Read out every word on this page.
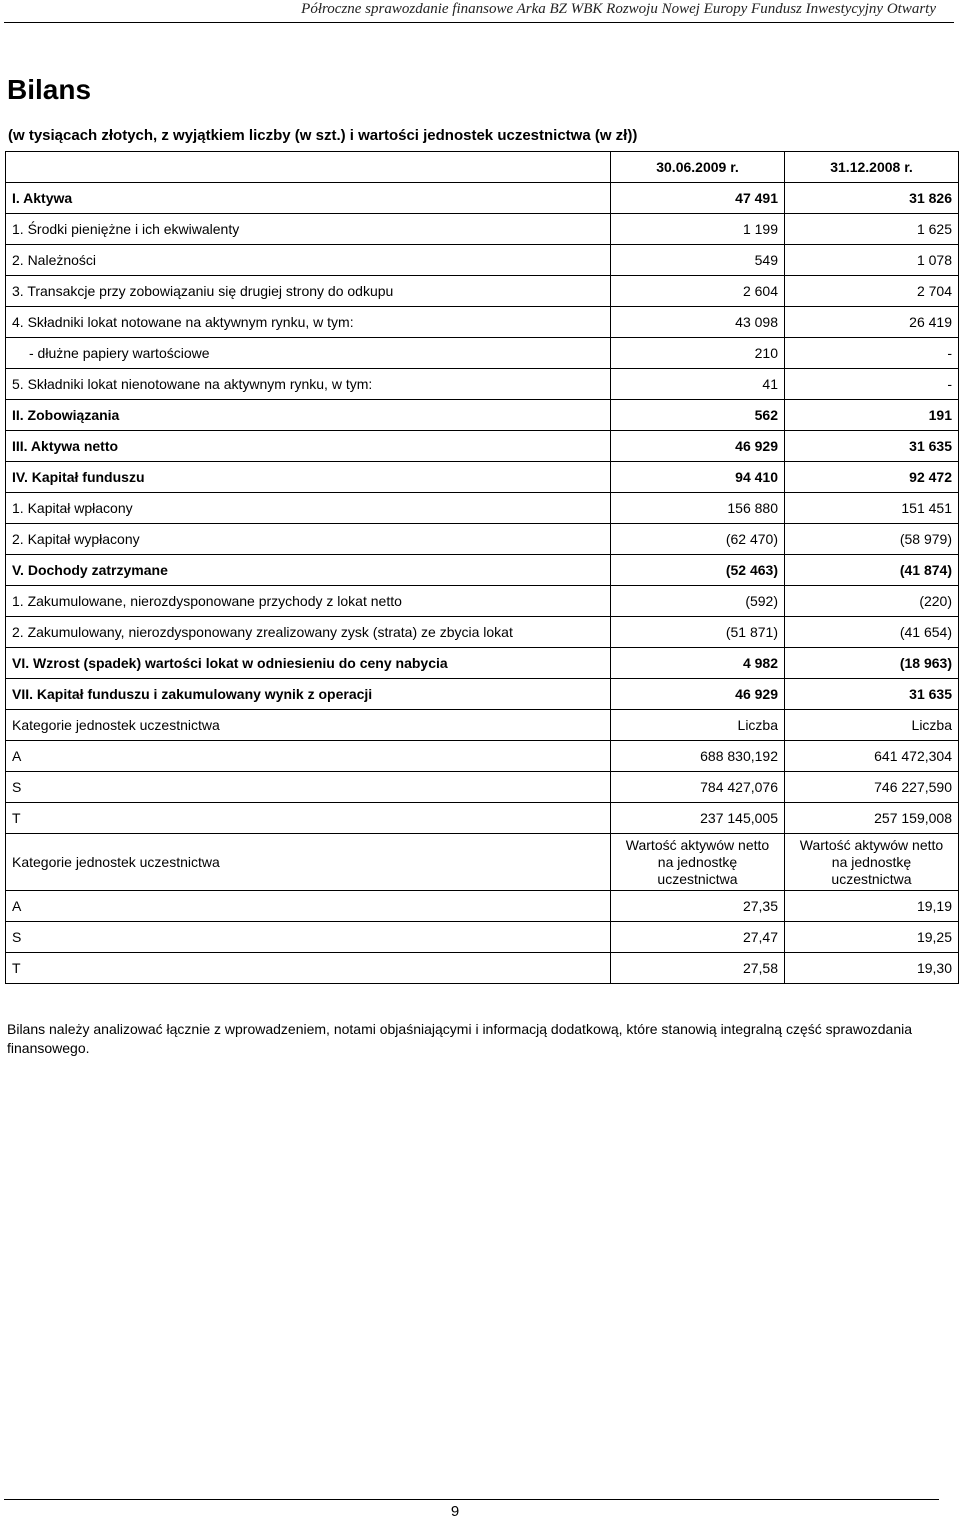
Półroczne sprawozdanie finansowe Arka BZ WBK Rozwoju Nowej Europy Fundusz Inwestycyjny Otwarty
Bilans
(w tysiącach złotych, z wyjątkiem liczby (w szt.) i wartości jednostek uczestnictwa (w zł))
	30.06.2009 r.	31.12.2008 r.
I. Aktywa	47 491	31 826
1. Środki pieniężne i ich ekwiwalenty	1 199	1 625
2. Należności	549	1 078
3. Transakcje przy zobowiązaniu się drugiej strony do odkupu	2 604	2 704
4. Składniki lokat notowane na aktywnym rynku, w tym:	43 098	26 419
- dłużne papiery wartościowe	210	-
5. Składniki lokat nienotowane na aktywnym rynku, w tym:	41	-
II. Zobowiązania	562	191
III. Aktywa netto	46 929	31 635
IV. Kapitał funduszu	94 410	92 472
1. Kapitał wpłacony	156 880	151 451
2. Kapitał wypłacony	(62 470)	(58 979)
V. Dochody zatrzymane	(52 463)	(41 874)
1. Zakumulowane, nierozdysponowane przychody z lokat netto	(592)	(220)
2. Zakumulowany, nierozdysponowany zrealizowany zysk (strata) ze zbycia lokat	(51 871)	(41 654)
VI. Wzrost (spadek) wartości lokat w odniesieniu do ceny nabycia	4 982	(18 963)
VII. Kapitał funduszu i zakumulowany wynik z operacji	46 929	31 635
Kategorie jednostek uczestnictwa	Liczba	Liczba
A	688 830,192	641 472,304
S	784 427,076	746 227,590
T	237 145,005	257 159,008
Kategorie jednostek uczestnictwa	Wartość aktywów netto na jednostkę uczestnictwa	Wartość aktywów netto na jednostkę uczestnictwa
A	27,35	19,19
S	27,47	19,25
T	27,58	19,30
Bilans należy analizować łącznie z wprowadzeniem, notami objaśniającymi i informacją dodatkową, które stanowią integralną część sprawozdania finansowego.
9
